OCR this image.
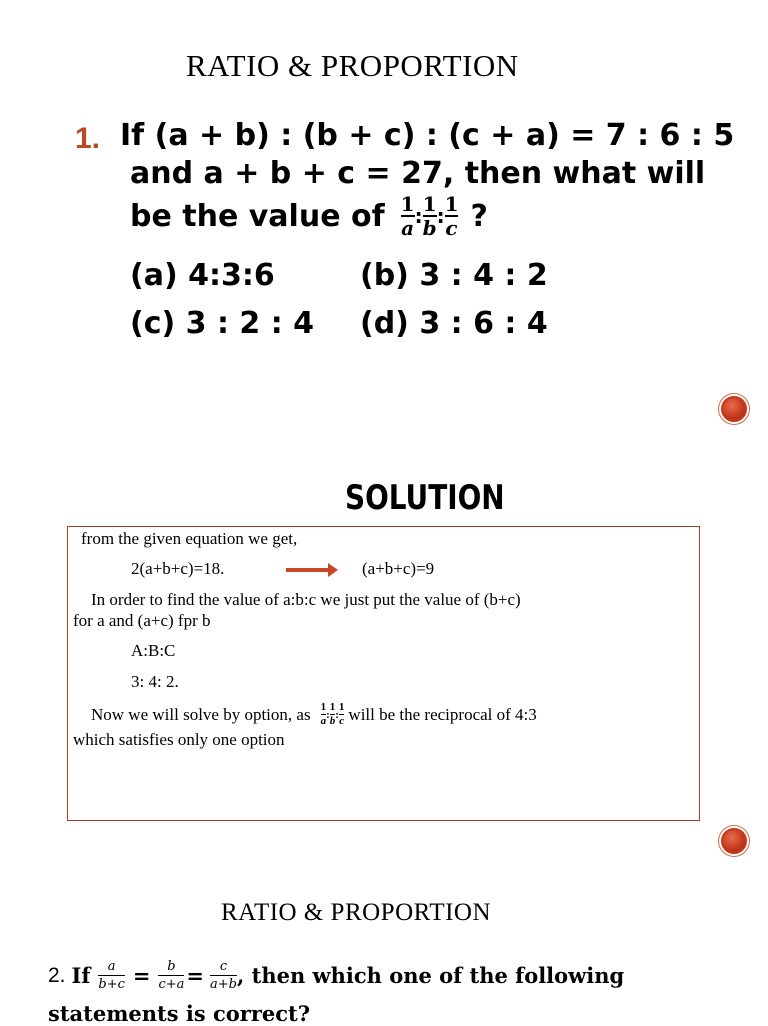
RATIO & PROPORTION
1. If (a + b) : (b + c) : (c + a) = 7 : 6 : 5
and a + b + c = 27, then what will
be the value of $\frac{1}{a}$ : $\frac{1}{b}$ : $\frac{1}{c}$ ?
(a) 4:3:6	(b) 3 : 4 : 2
(c) 3 : 2 : 4 (d) 3 : 6 : 4
SOLUTION
from the given equation we get,
2(a+b+c)=18.	(a+b+c)=9
In order to find the value of a:b:c we just put the value of (b+c)
for a and (a+c) fpr b
A:B:C
3: 4: 2.
Now we will solve by option, as 1
a
:
1
b
:
1
c will be the reciprocal of 4:3
which satisfies only one option
RATIO & PROPORTION
2. If a
b+c = b
c+a = c
a+b , then which one of the following
statements is correct?
